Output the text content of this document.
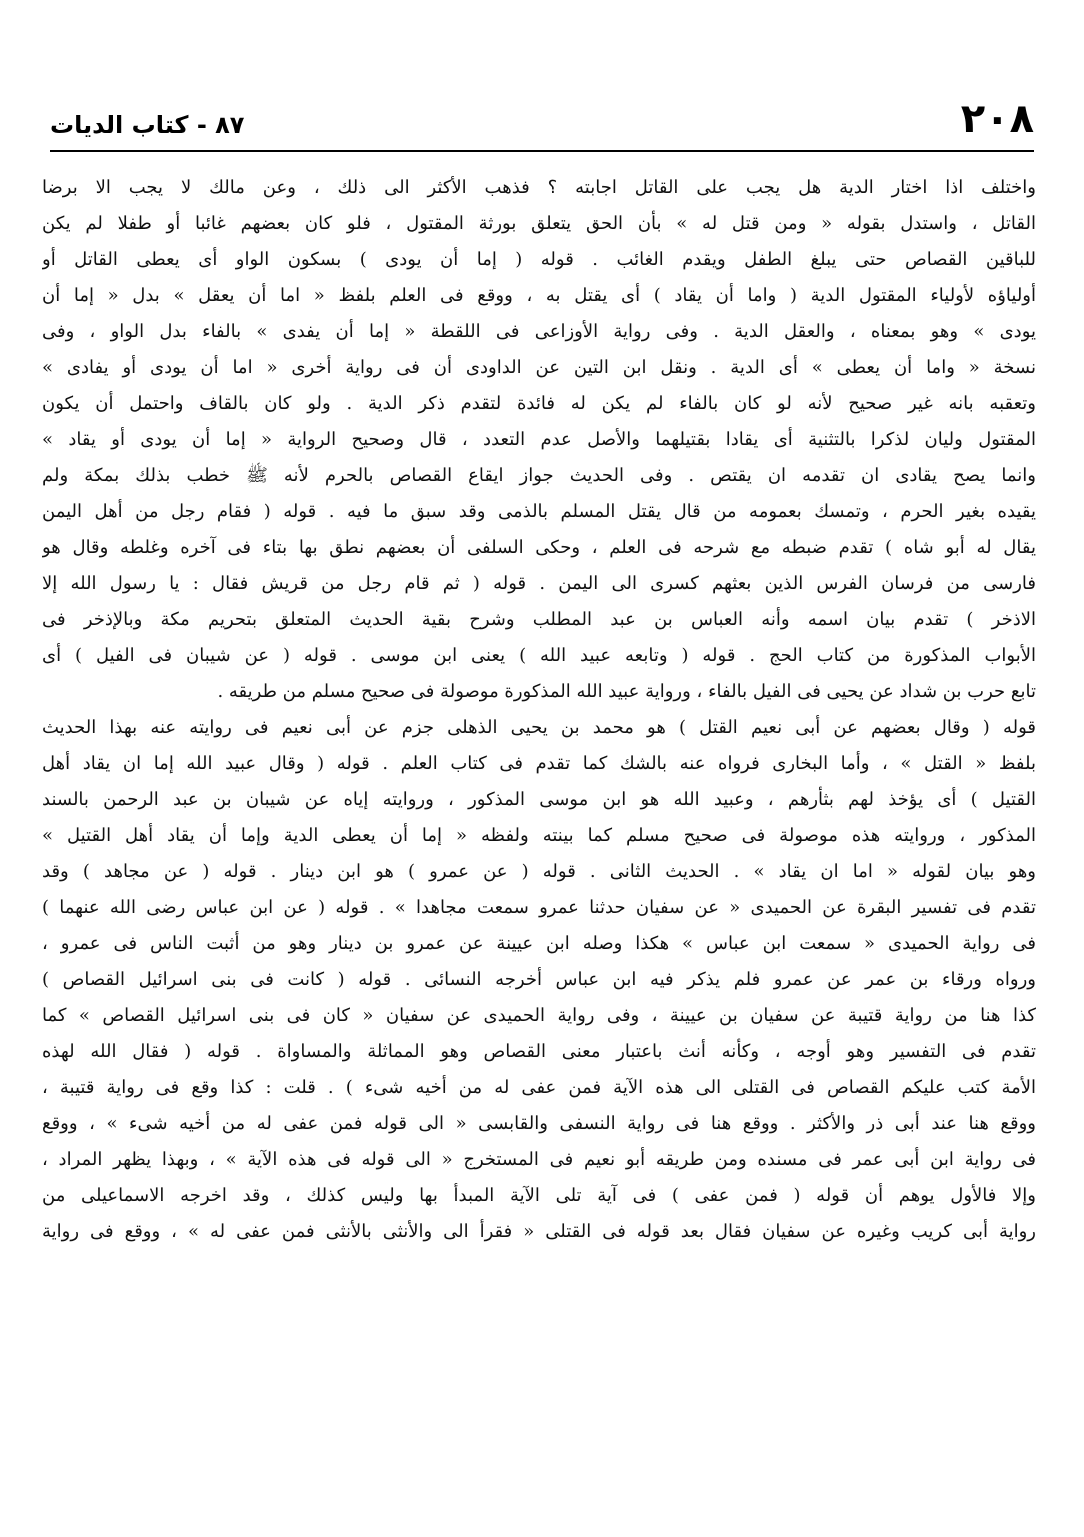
٢٠٨
٨٧ - كتاب الديات
واختلف اذا اختار الدية هل يجب على القاتل اجابته ؟ فذهب الأكثر الى ذلك ، وعن مالك لا يجب الا برضا
القاتل ، واستدل بقوله « ومن قتل له » بأن الحق يتعلق بورثة المقتول ، فلو كان بعضهم غائبا أو طفلا لم يكن
للباقين القصاص حتى يبلغ الطفل ويقدم الغائب . قوله ( إما أن يودى ) بسكون الواو أى يعطى القاتل أو
أولياؤه لأولياء المقتول الدية ( واما أن يقاد ) أى يقتل به ، ووقع فى العلم بلفظ « اما أن يعقل » بدل « إما أن
يودى » وهو بمعناه ، والعقل الدية . وفى رواية الأوزاعى فى اللقطة « إما أن يفدى » بالفاء بدل الواو ، وفى
نسخة « واما أن يعطى » أى الدية . ونقل ابن التين عن الداودى أن فى رواية أخرى « اما أن يودى أو يفادى »
وتعقبه بانه غير صحيح لأنه لو كان بالفاء لم يكن له فائدة لتقدم ذكر الدية . ولو كان بالقاف واحتمل أن يكون
المقتول وليان لذكرا بالتثنية أى يقادا بقتيلهما والأصل عدم التعدد ، قال وصحيح الرواية « إما أن يودى أو يقاد »
وانما يصح يقادى ان تقدمه ان يقتص . وفى الحديث جواز ايقاع القصاص بالحرم لأنه ﷺ خطب بذلك بمكة ولم
يقيده بغير الحرم ، وتمسك بعمومه من قال يقتل المسلم بالذمى وقد سبق ما فيه . قوله ( فقام رجل من أهل اليمن
يقال له أبو شاه ) تقدم ضبطه مع شرحه فى العلم ، وحكى السلفى أن بعضهم نطق بها بتاء فى آخره وغلطه وقال هو
فارسى من فرسان الفرس الذين بعثهم كسرى الى اليمن . قوله ( ثم قام رجل من قريش فقال : يا رسول الله إلا
الاذخر ) تقدم بيان اسمه وأنه العباس بن عبد المطلب وشرح بقية الحديث المتعلق بتحريم مكة وبالإذخر فى
الأبواب المذكورة من كتاب الحج . قوله ( وتابعه عبيد الله ) يعنى ابن موسى . قوله ( عن شيبان فى الفيل ) أى
تابع حرب بن شداد عن يحيى فى الفيل بالفاء ، ورواية عبيد الله المذكورة موصولة فى صحيح مسلم من طريقه .
قوله ( وقال بعضهم عن أبى نعيم القتل ) هو محمد بن يحيى الذهلى جزم عن أبى نعيم فى روايته عنه بهذا الحديث
بلفظ « القتل » ، وأما البخارى فرواه عنه بالشك كما تقدم فى كتاب العلم . قوله ( وقال عبيد الله إما ان يقاد أهل
القتيل ) أى يؤخذ لهم بثأرهم ، وعبيد الله هو ابن موسى المذكور ، وروايته إياه عن شيبان بن عبد الرحمن بالسند
المذكور ، وروايته هذه موصولة فى صحيح مسلم كما بينته ولفظه « إما أن يعطى الدية وإما أن يقاد أهل القتيل »
وهو بيان لقوله « اما ان يقاد » . الحديث الثانى . قوله ( عن عمرو ) هو ابن دينار . قوله ( عن مجاهد ) وقد
تقدم فى تفسير البقرة عن الحميدى « عن سفيان حدثنا عمرو سمعت مجاهدا » . قوله ( عن ابن عباس رضى الله عنهما )
فى رواية الحميدى « سمعت ابن عباس » هكذا وصله ابن عيينة عن عمرو بن دينار وهو من أثبت الناس فى عمرو ،
ورواه ورقاء بن عمر عن عمرو فلم يذكر فيه ابن عباس أخرجه النسائى . قوله ( كانت فى بنى اسرائيل القصاص )
كذا هنا من رواية قتيبة عن سفيان بن عيينة ، وفى رواية الحميدى عن سفيان « كان فى بنى اسرائيل القصاص » كما
تقدم فى التفسير وهو أوجه ، وكأنه أنث باعتبار معنى القصاص وهو المماثلة والمساواة . قوله ( فقال الله لهذه
الأمة كتب عليكم القصاص فى القتلى الى هذه الآية فمن عفى له من أخيه شىء ) . قلت : كذا وقع فى رواية قتيبة ،
ووقع هنا عند أبى ذر والأكثر . ووقع هنا فى رواية النسفى والقابسى « الى قوله فمن عفى له من أخيه شىء » ، ووقع
فى رواية ابن أبى عمر فى مسنده ومن طريقه أبو نعيم فى المستخرج « الى قوله فى هذه الآية » ، وبهذا يظهر المراد ،
وإلا فالأول يوهم أن قوله ( فمن عفى ) فى آية تلى الآية المبدأ بها وليس كذلك ، وقد اخرجه الاسماعيلى من
رواية أبى كريب وغيره عن سفيان فقال بعد قوله فى القتلى « فقرأ الى والأنثى بالأنثى فمن عفى له » ، ووقع فى رواية
